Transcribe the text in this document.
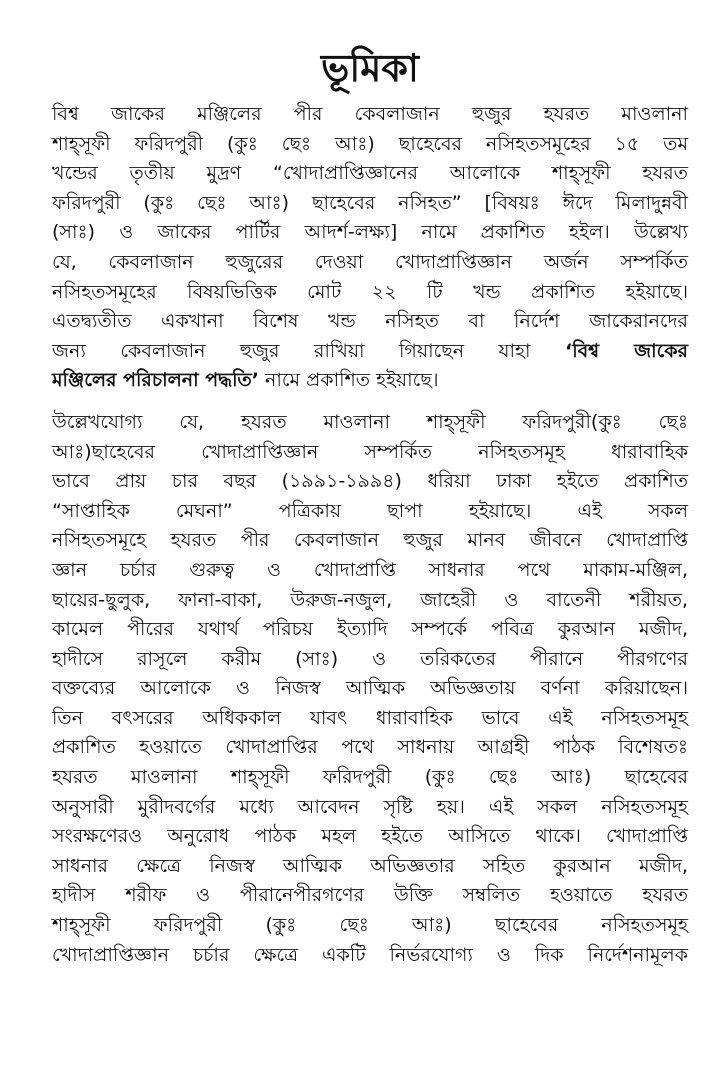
ভূমিকা
বিশ্ব জাকের মঞ্জিলের পীর কেবলাজান হুজুর হযরত মাওলানা
শাহ্‌সূফী ফরিদপুরী (কুঃ ছেঃ আঃ) ছাহেবের নসিহতসমূহের ১৫ তম
খন্ডের তৃতীয় মুদ্রণ “খোদাপ্রাপ্তিজ্ঞানের আলোকে শাহ্‌সূফী হযরত
ফরিদপুরী (কুঃ ছেঃ আঃ) ছাহেবের নসিহত” [বিষয়ঃ ঈদে মিলাদুন্নবী
(সাঃ) ও জাকের পার্টির আদর্শ-লক্ষ্য] নামে প্রকাশিত হইল। উল্লেখ্য
যে, কেবলাজান হুজুরের দেওয়া খোদাপ্রাপ্তিজ্ঞান অর্জন সম্পর্কিত
নসিহতসমূহের বিষয়ভিত্তিক মোট ২২ টি খন্ড প্রকাশিত হইয়াছে।
এতদ্ব্যতীত একখানা বিশেষ খন্ড নসিহত বা নির্দেশ জাকেরানদের
জন্য কেবলাজান হুজুর রাখিয়া গিয়াছেন যাহা ‘বিশ্ব জাকের
মঞ্জিলের পরিচালনা পদ্ধতি’ নামে প্রকাশিত হইয়াছে।
উল্লেখযোগ্য যে, হযরত মাওলানা শাহ্‌সূফী ফরিদপুরী(কুঃ ছেঃ
আঃ)ছাহেবের খোদাপ্রাপ্তিজ্ঞান সম্পর্কিত নসিহতসমূহ ধারাবাহিক
ভাবে প্রায় চার বছর (১৯৯১-১৯৯৪) ধরিয়া ঢাকা হইতে প্রকাশিত
“সাপ্তাহিক মেঘনা” পত্রিকায় ছাপা হইয়াছে। এই সকল
নসিহতসমূহে হযরত পীর কেবলাজান হুজুর মানব জীবনে খোদাপ্রাপ্তি
জ্ঞান চর্চার গুরুত্ব ও খোদাপ্রাপ্তি সাধনার পথে মাকাম-মঞ্জিল,
ছায়ের-ছুলুক, ফানা-বাকা, উরুজ-নজুল, জাহেরী ও বাতেনী শরীয়ত,
কামেল পীরের যথার্থ পরিচয় ইত্যাদি সম্পর্কে পবিত্র কুরআন মজীদ,
হাদীসে রাসূলে করীম (সাঃ) ও তরিকতের পীরানে পীরগণের
বক্তব্যের আলোকে ও নিজস্ব আত্মিক অভিজ্ঞতায় বর্ণনা করিয়াছেন।
তিন বৎসরের অধিককাল যাবৎ ধারাবাহিক ভাবে এই নসিহতসমূহ
প্রকাশিত হওয়াতে খোদাপ্রাপ্তির পথে সাধনায় আগ্রহী পাঠক বিশেষতঃ
হযরত মাওলানা শাহ্‌সূফী ফরিদপুরী (কুঃ ছেঃ আঃ) ছাহেবের
অনুসারী মুরীদবর্গের মধ্যে আবেদন সৃষ্টি হয়। এই সকল নসিহতসমূহ
সংরক্ষণেরও অনুরোধ পাঠক মহল হইতে আসিতে থাকে। খোদাপ্রাপ্তি
সাধনার ক্ষেত্রে নিজস্ব আত্মিক অভিজ্ঞতার সহিত কুরআন মজীদ,
হাদীস শরীফ ও পীরানেপীরগণের উক্তি সম্বলিত হওয়াতে হযরত
শাহ্‌সূফী ফরিদপুরী (কুঃ ছেঃ আঃ) ছাহেবের নসিহতসমূহ
খোদাপ্রাপ্তিজ্ঞান চর্চার ক্ষেত্রে একটি নির্ভরযোগ্য ও দিক নির্দেশনামূলক
